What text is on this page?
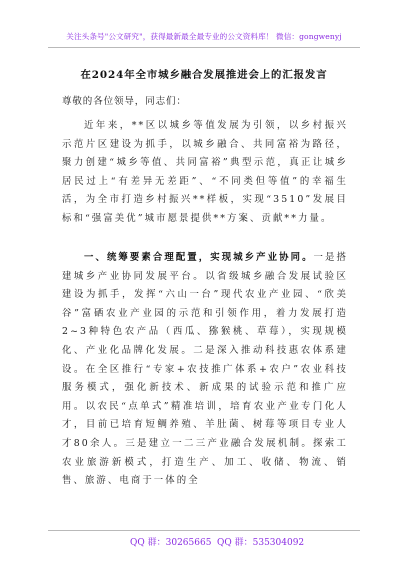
关注头条号"公文研究"，获得最新最全最专业的公文资料库！ 微信：gongwenyj
在2024年全市城乡融合发展推进会上的汇报发言
尊敬的各位领导，同志们：

近年来，**区以城乡等值发展为引领，以乡村振兴示范片区建设为抓手，以城乡融合、共同富裕为路径，聚力创建“城乡等值、共同富裕”典型示范，真正让城乡居民过上“有差异无差距”、“不同类但等值”的幸福生活，为全市打造乡村振兴**样板，实现“3510”发展目标和“强富美优”城市愿景提供**方案、贡献**力量。

一、统筹要素合理配置，实现城乡产业协同。一是搭建城乡产业协同发展平台。以省级城乡融合发展试验区建设为抓手，发挥“六山一台”现代农业产业园、“欣美谷”富硒农业产业园的示范和引领作用，着力发展打造2~3种特色农产品（西瓜、猕猴桃、草莓），实现规模化、产业化品牌化发展。二是深入推动科技惠农体系建设。在全区推行“专家+农技推广体系+农户”农业科技服务模式，强化新技术、新成果的试验示范和推广应用。以农民“点单式”精准培训，培育农业产业专门化人才，目前已培育短鲷养殖、羊肚菌、树莓等项目专业人才80余人。三是建立一二三产业融合发展机制。探索工农业旅游新模式，打造生产、加工、收储、物流、销售、旅游、电商于一体的全

QQ 群：30265665 QQ 群：535304092
